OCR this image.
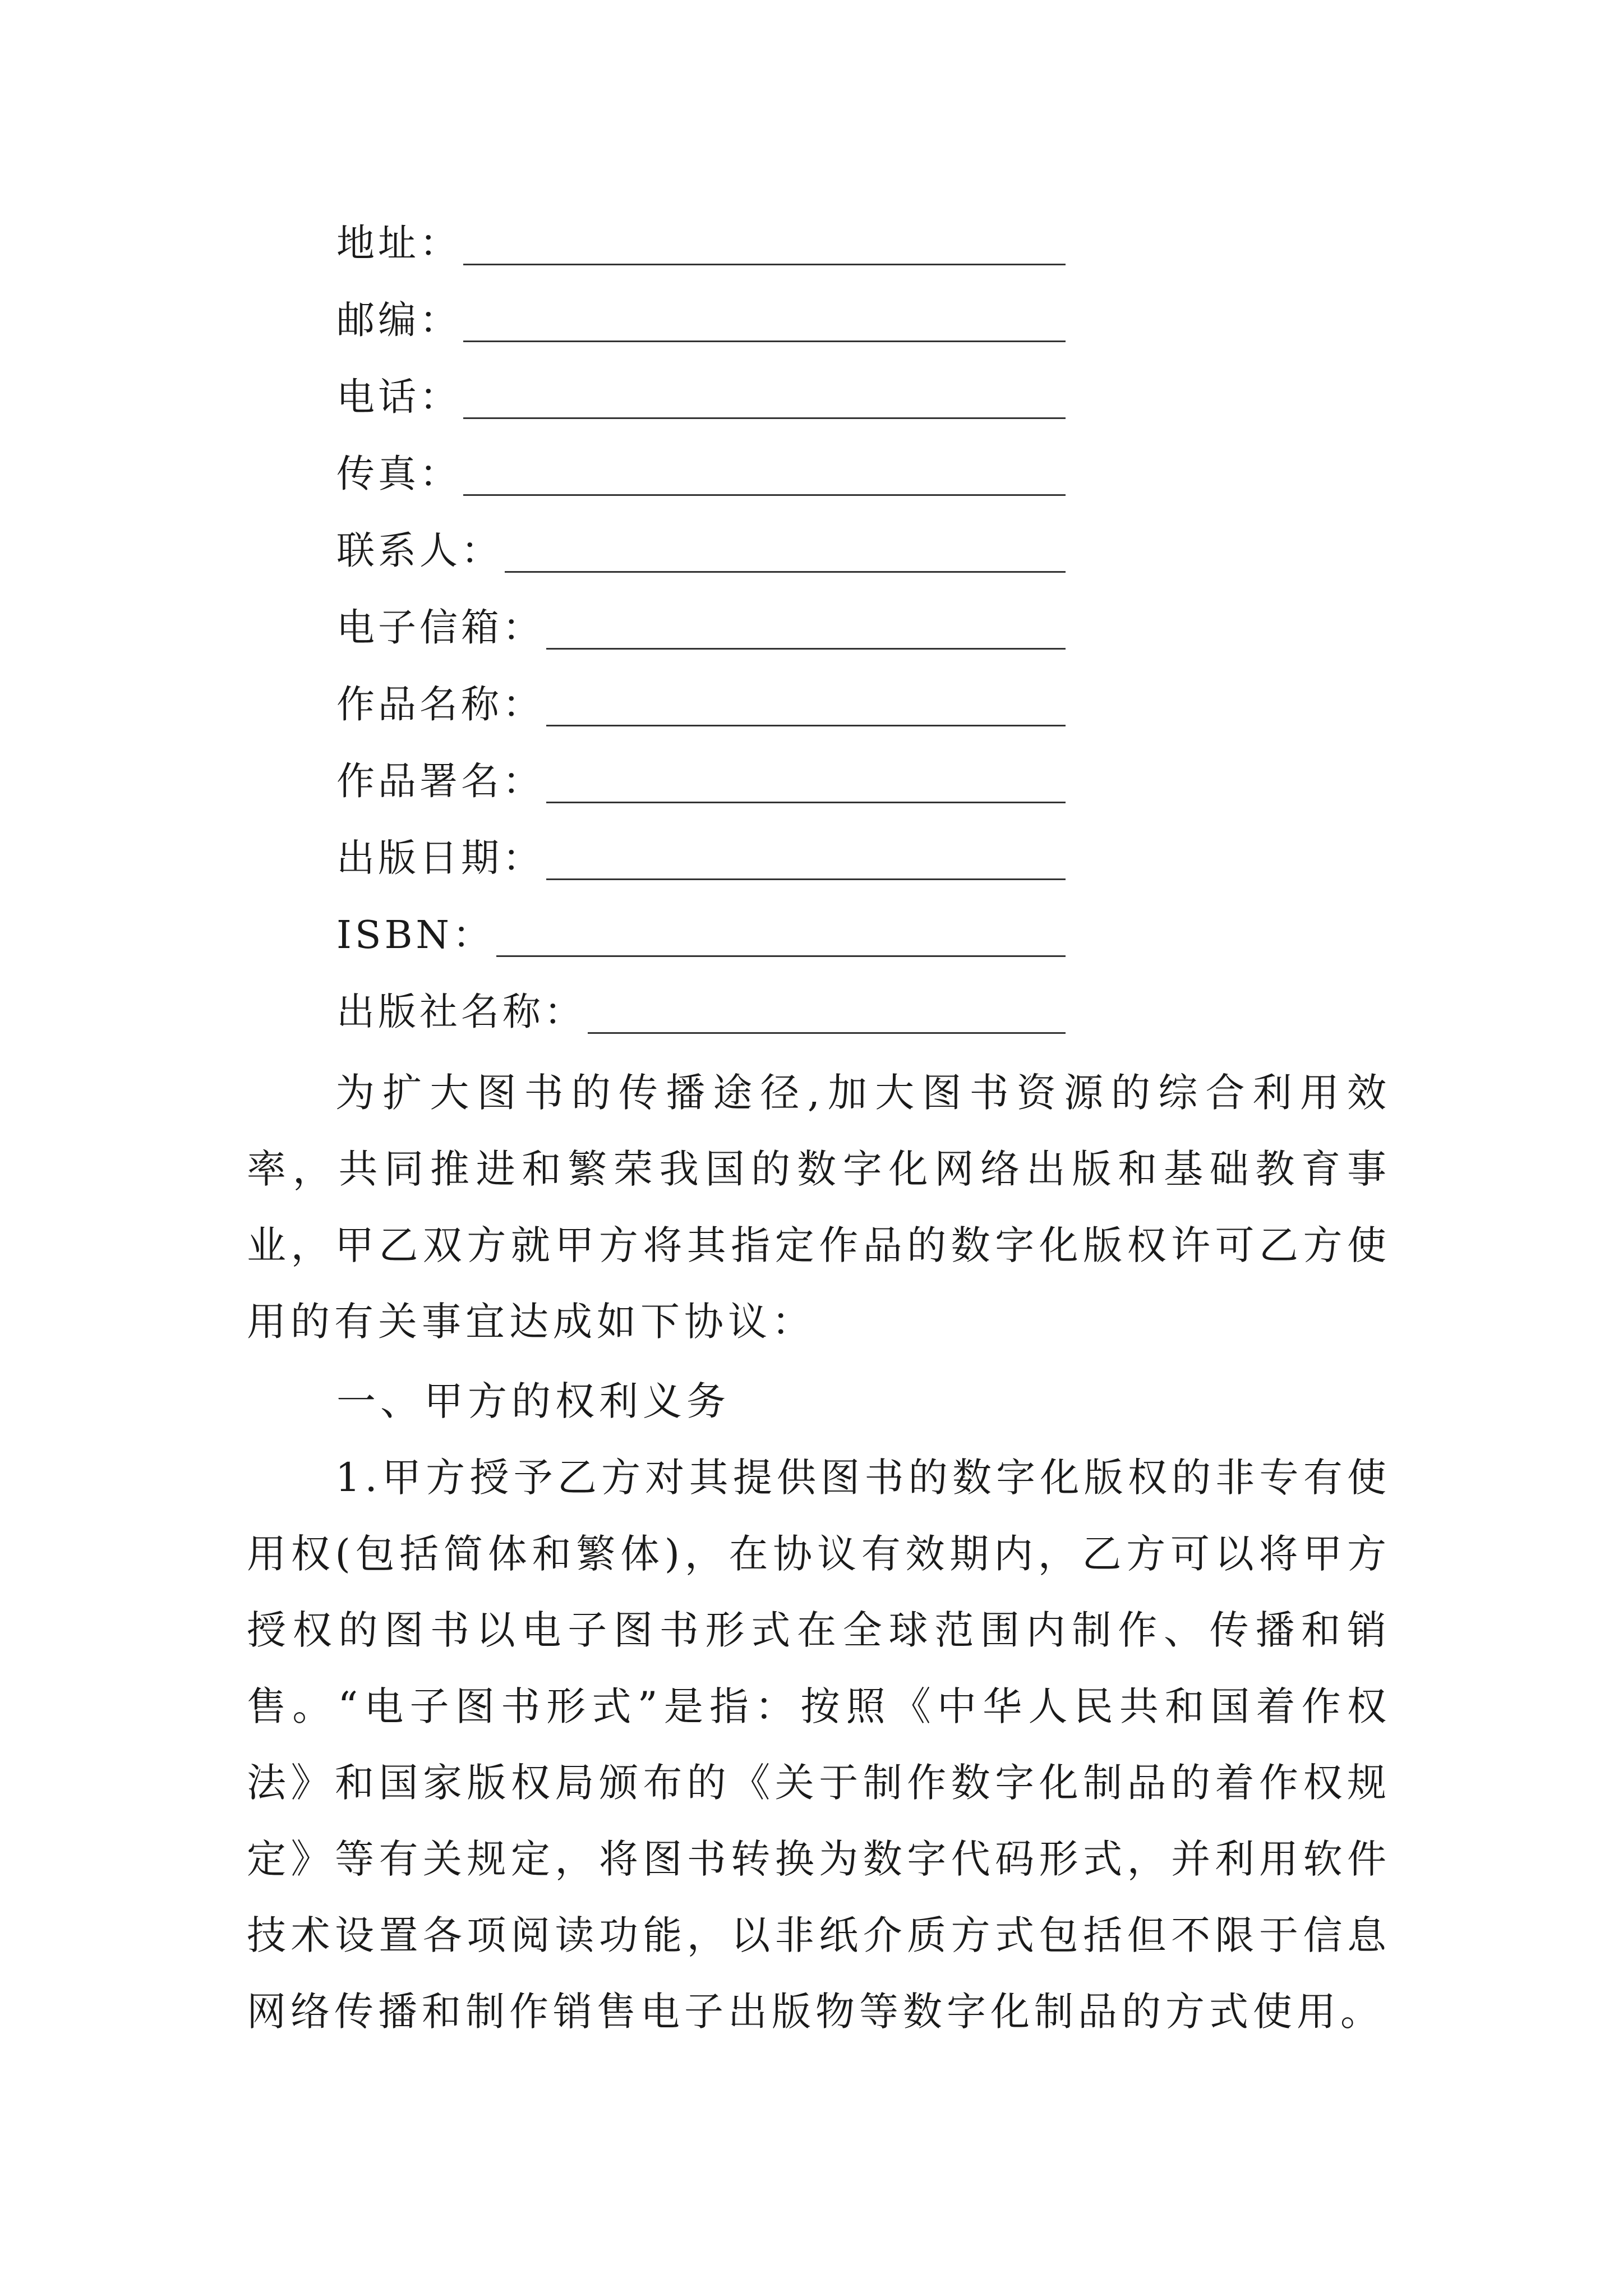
地址：
邮编：
电话：
传真：
联系人：
电子信箱：
作品名称：
作品署名：
出版日期：
ISBN：
出版社名称：

为扩大图书的传播途径,加大图书资源的综合利用效率，共同推进和繁荣我国的数字化网络出版和基础教育事业，甲乙双方就甲方将其指定作品的数字化版权许可乙方使用的有关事宜达成如下协议：

一、甲方的权利义务

1.甲方授予乙方对其提供图书的数字化版权的非专有使用权(包括简体和繁体)，在协议有效期内，乙方可以将甲方授权的图书以电子图书形式在全球范围内制作、传播和销售。“电子图书形式”是指：按照《中华人民共和国着作权法》和国家版权局颁布的《关于制作数字化制品的着作权规定》等有关规定，将图书转换为数字代码形式，并利用软件技术设置各项阅读功能，以非纸介质方式包括但不限于信息网络传播和制作销售电子出版物等数字化制品的方式使用。
